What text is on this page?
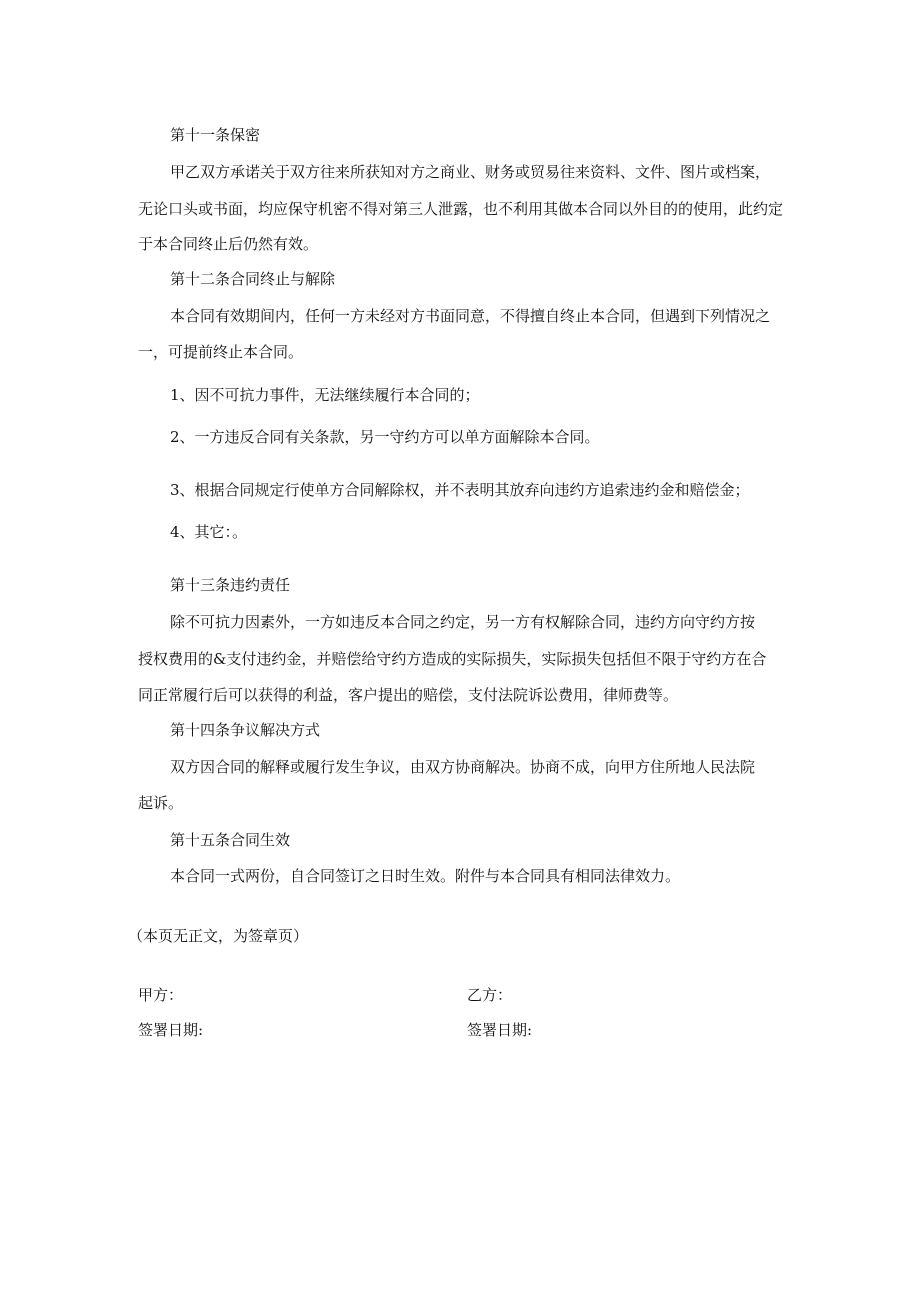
第十一条保密
甲乙双方承诺关于双方往来所获知对方之商业、财务或贸易往来资料、文件、图片或档案，
无论口头或书面，均应保守机密不得对第三人泄露，也不利用其做本合同以外目的的使用，此约定
于本合同终止后仍然有效。
第十二条合同终止与解除
本合同有效期间内，任何一方未经对方书面同意，不得擅自终止本合同，但遇到下列情况之
一，可提前终止本合同。
1、因不可抗力事件，无法继续履行本合同的；
2、一方违反合同有关条款，另一守约方可以单方面解除本合同。
3、根据合同规定行使单方合同解除权，并不表明其放弃向违约方追索违约金和赔偿金；
4、其它：。
第十三条违约责任
除不可抗力因素外，一方如违反本合同之约定，另一方有权解除合同，违约方向守约方按
授权费用的&支付违约金，并赔偿给守约方造成的实际损失，实际损失包括但不限于守约方在合
同正常履行后可以获得的利益，客户提出的赔偿，支付法院诉讼费用，律师费等。
第十四条争议解决方式
双方因合同的解释或履行发生争议，由双方协商解决。协商不成，向甲方住所地人民法院
起诉。
第十五条合同生效
本合同一式两份，自合同签订之日时生效。附件与本合同具有相同法律效力。
（本页无正文，为签章页）
甲方：	乙方：
签署日期:	签署日期:
